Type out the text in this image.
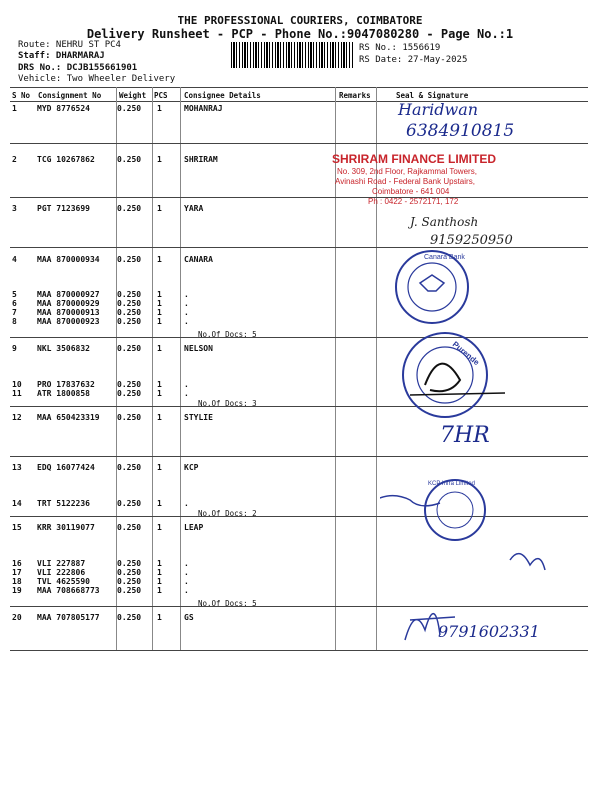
THE PROFESSIONAL COURIERS, COIMBATORE
Delivery Runsheet - PCP - Phone No.:9047080280 - Page No.:1
Route: NEHRU ST PC4
Staff: DHARMARAJ
DRS No.: DCJB155661901
Vehicle: Two Wheeler Delivery
RS No.: 1556619
RS Date: 27-May-2025
S No Consignment No Weight PCS Consignee Details	Remarks	Seal & Signature
1	MYD 8776524	0.250 1	MOHANRAJ
2	TCG 10267862	0.250 1	SHRIRAM
3	PGT 7123699	0.250 1	YARA
4	MAA 870000934 0.250 1	CANARA
5	MAA 870000927 0.250 1	.
6	MAA 870000929 0.250 1	.
7	MAA 870000913 0.250 1	.
8	MAA 870000923 0.250 1	.
9	NKL 3506832	0.250 1	NELSON
10 PRO 17837632	0.250 1	.
11 ATR 1800858	0.250 1	.
12 MAA 650423319 0.250 1	STYLIE
13 EDQ 16077424	0.250 1	KCP
14 TRT 5122236	0.250 1	.
15 KRR 30119077	0.250 1	LEAP
16 VLI 227887	0.250 1	.
17 VLI 222806	0.250 1	.
18 TVL 4625590	0.250 1	.
19 MAA 708668773 0.250 1	.
20 MAA 707805177 0.250 1	GS
No.Of Docs: 5
No.Of Docs: 3
No.Of Docs: 2
No.Of Docs: 5
Haridwan
6384910815
J. Santhosh
9159250950
7HR
9791602331
SHRIRAM FINANCE LIMITED
No. 309, 2nd Floor, Rajkammal Towers,
Avinashi Road - Federal Bank Upstairs,
Coimbatore - 641 004
Ph : 0422 - 2572171, 172
Canara Bank
Purende
KCP Infra Limited
